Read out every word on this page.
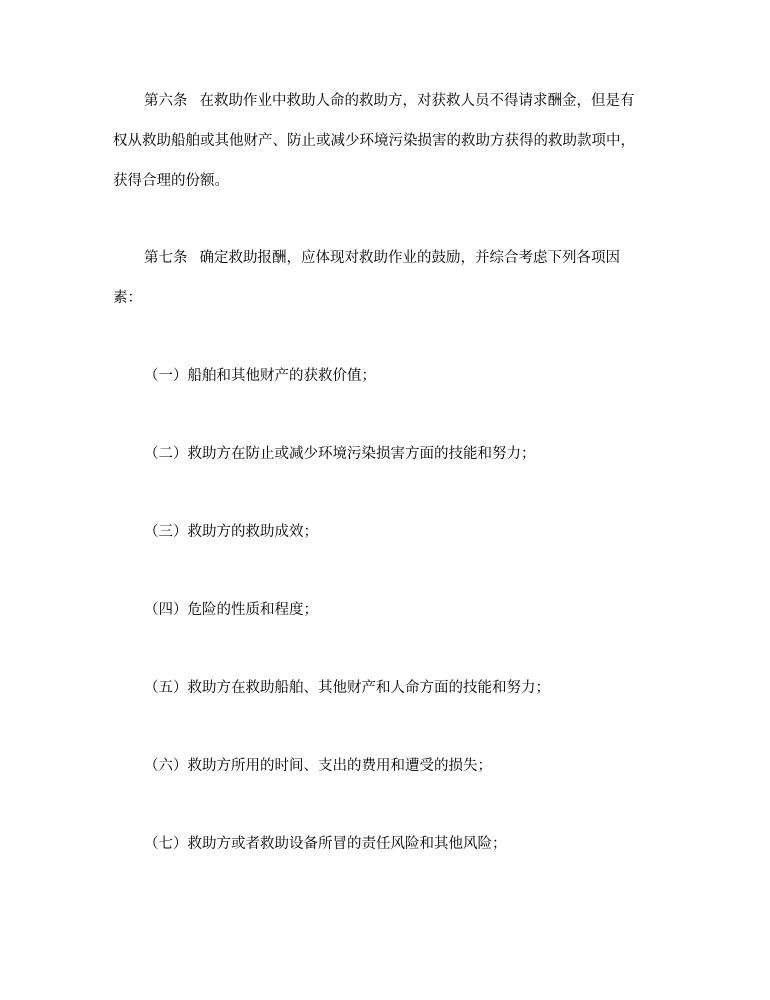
第六条 在救助作业中救助人命的救助方，对获救人员不得请求酬金，但是有
权从救助船舶或其他财产、防止或减少环境污染损害的救助方获得的救助款项中，
获得合理的份额。

第七条 确定救助报酬，应体现对救助作业的鼓励，并综合考虑下列各项因
素：

（一）船舶和其他财产的获救价值；

（二）救助方在防止或减少环境污染损害方面的技能和努力；

（三）救助方的救助成效；

（四）危险的性质和程度；

（五）救助方在救助船舶、其他财产和人命方面的技能和努力；

（六）救助方所用的时间、支出的费用和遭受的损失；

（七）救助方或者救助设备所冒的责任风险和其他风险；
